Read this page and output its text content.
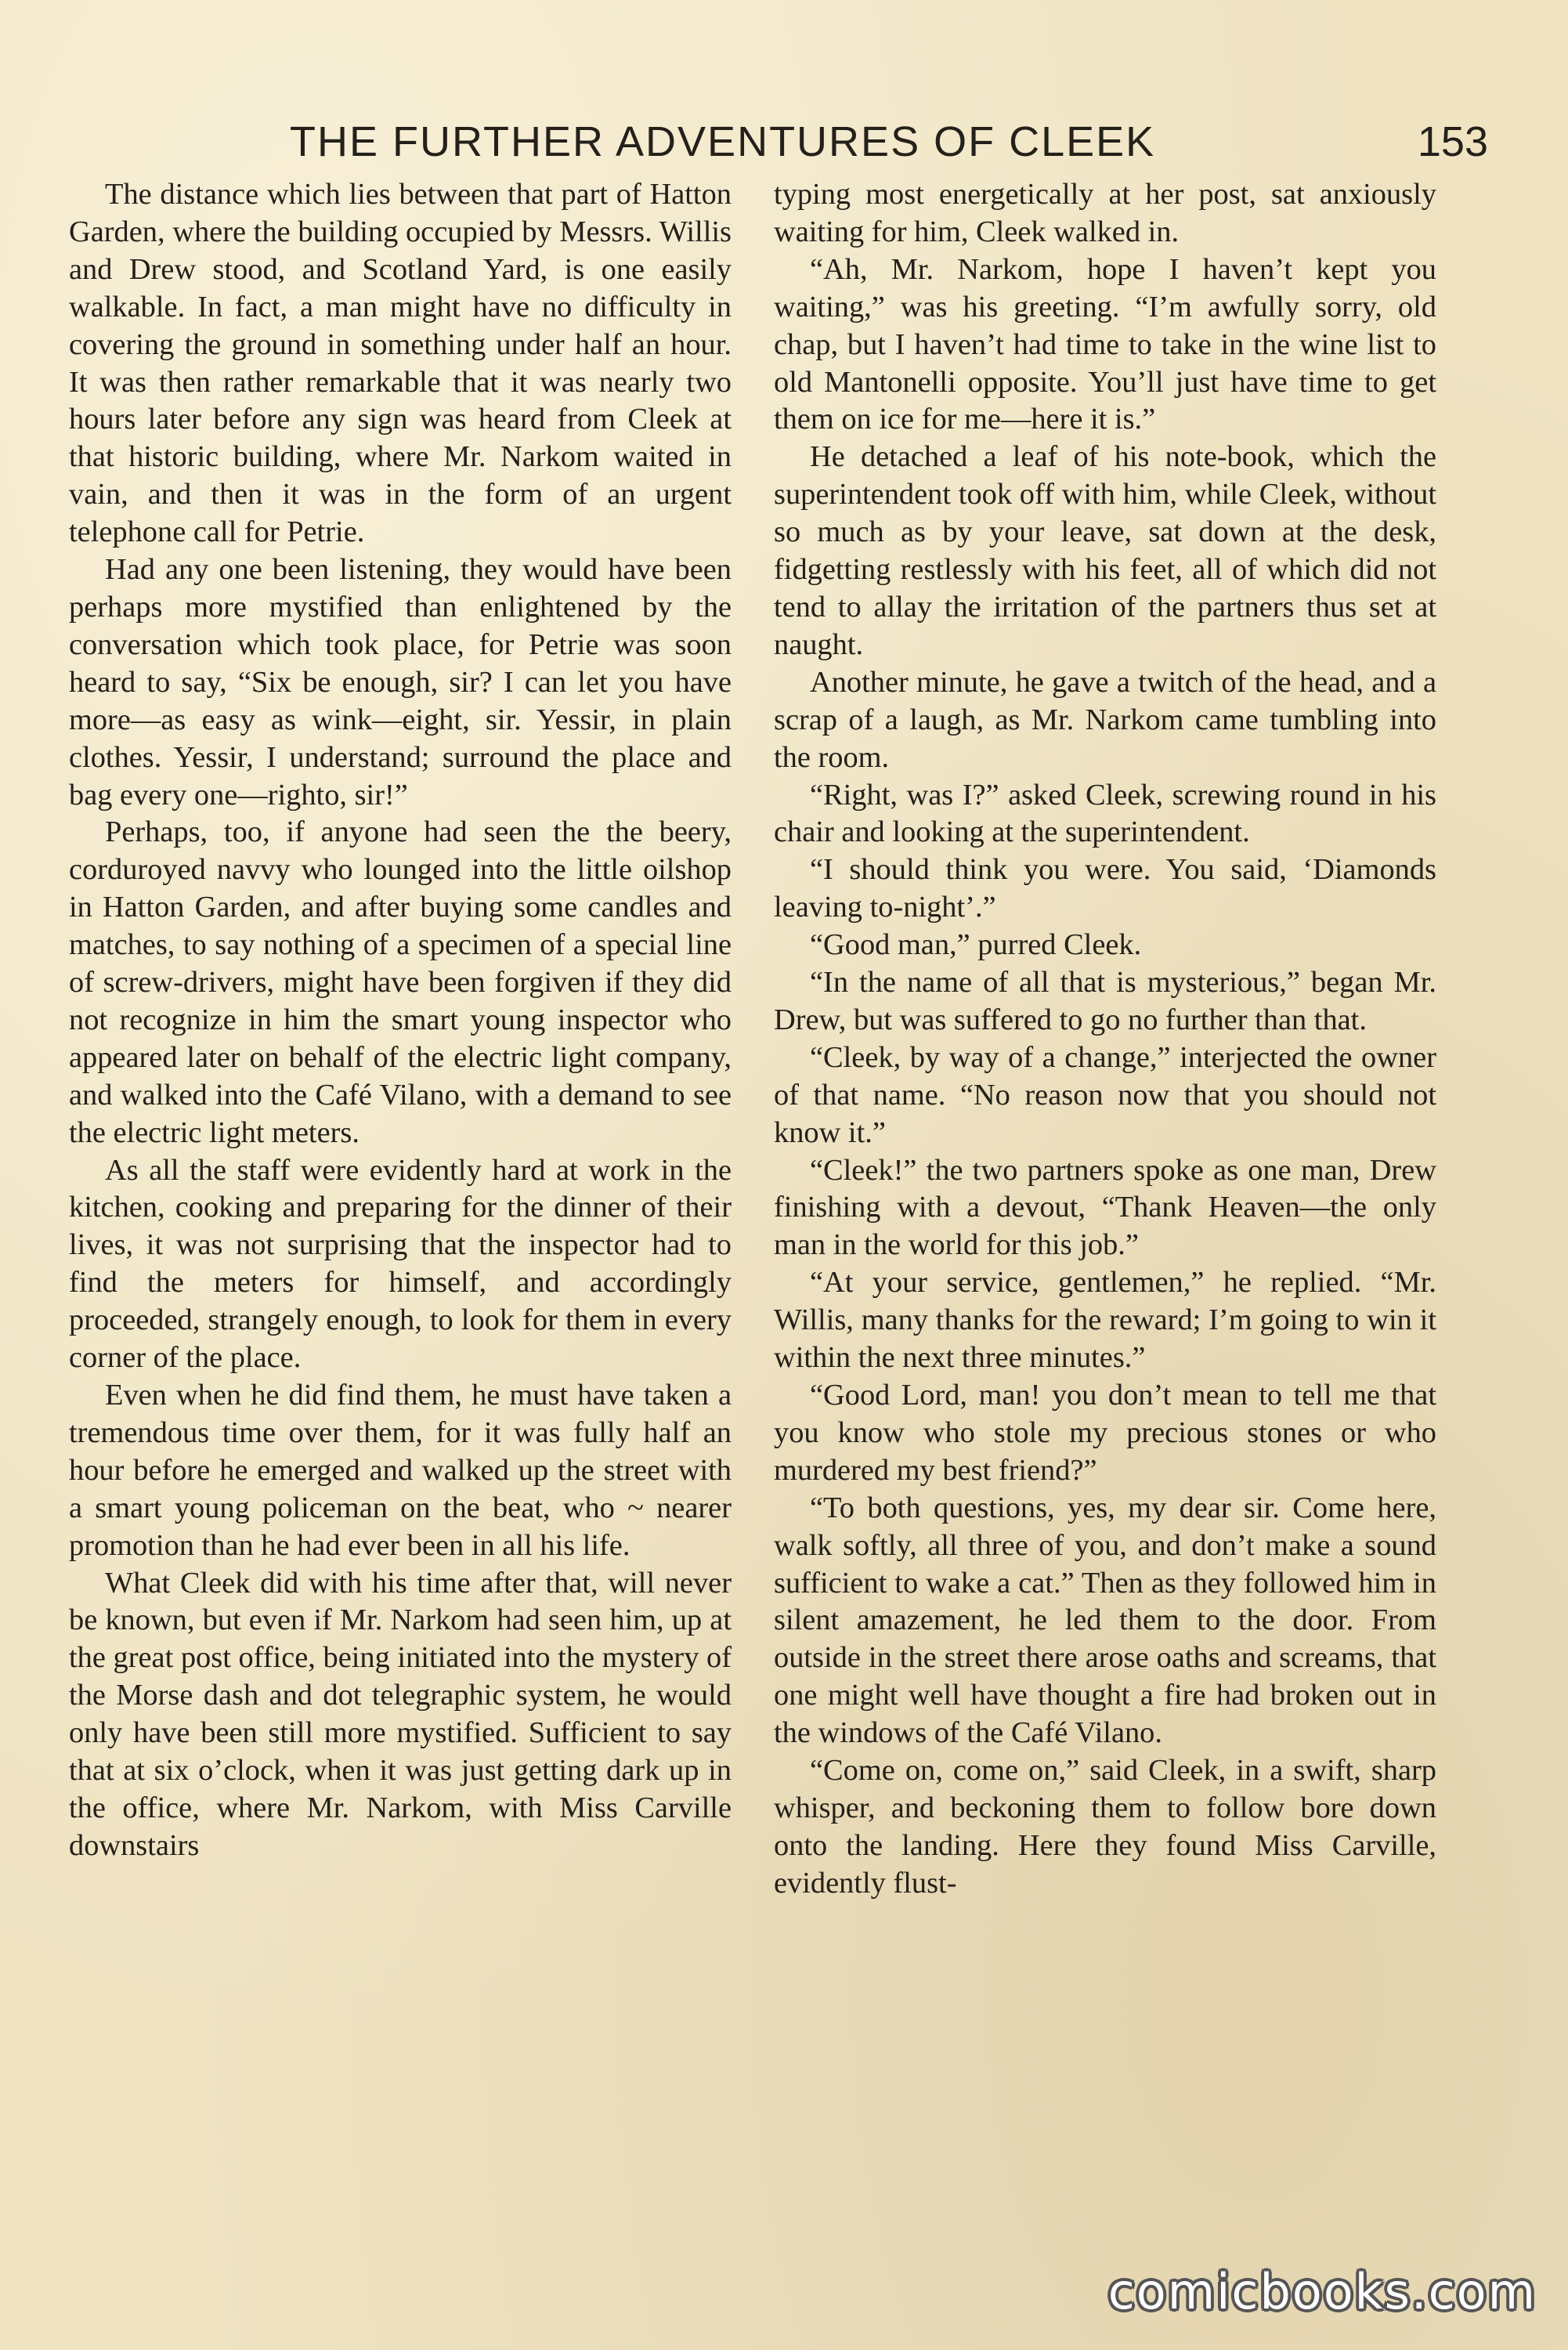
THE FURTHER ADVENTURES OF CLEEK	153

The distance which lies between that part of Hatton Garden, where the building occupied by Messrs. Willis and Drew stood, and Scotland Yard, is one easily walkable. In fact, a man might have no difficulty in covering the ground in something under half an hour. It was then rather remarkable that it was nearly two hours later before any sign was heard from Cleek at that historic building, where Mr. Narkom waited in vain, and then it was in the form of an urgent telephone call for Petrie.

Had any one been listening, they would have been perhaps more mystified than enlightened by the conversation which took place, for Petrie was soon heard to say, “Six be enough, sir? I can let you have more—as easy as wink—eight, sir. Yessir, in plain clothes. Yessir, I understand; surround the place and bag every one—righto, sir!”

Perhaps, too, if anyone had seen the the beery, corduroyed navvy who lounged into the little oilshop in Hatton Garden, and after buying some candles and matches, to say nothing of a specimen of a special line of screw-drivers, might have been forgiven if they did not recognize in him the smart young inspector who appeared later on behalf of the electric light company, and walked into the Café Vilano, with a demand to see the electric light meters.

As all the staff were evidently hard at work in the kitchen, cooking and preparing for the dinner of their lives, it was not surprising that the inspector had to find the meters for himself, and accordingly proceeded, strangely enough, to look for them in every corner of the place.

Even when he did find them, he must have taken a tremendous time over them, for it was fully half an hour before he emerged and walked up the street with a smart young policeman on the beat, who ~ nearer promotion than he had ever been in all his life.

What Cleek did with his time after that, will never be known, but even if Mr. Narkom had seen him, up at the great post office, being initiated into the mystery of the Morse dash and dot telegraphic system, he would only have been still more mystified. Sufficient to say that at six o’clock, when it was just getting dark up in the office, where Mr. Narkom, with Miss Carville downstairs

typing most energetically at her post, sat anxiously waiting for him, Cleek walked in.

“Ah, Mr. Narkom, hope I haven’t kept you waiting,” was his greeting. “I’m awfully sorry, old chap, but I haven’t had time to take in the wine list to old Mantonelli opposite. You’ll just have time to get them on ice for me—here it is.”

He detached a leaf of his note-book, which the superintendent took off with him, while Cleek, without so much as by your leave, sat down at the desk, fidgetting restlessly with his feet, all of which did not tend to allay the irritation of the partners thus set at naught.

Another minute, he gave a twitch of the head, and a scrap of a laugh, as Mr. Narkom came tumbling into the room.

“Right, was I?” asked Cleek, screwing round in his chair and looking at the superintendent.

“I should think you were. You said, ‘Diamonds leaving to-night’.”

“Good man,” purred Cleek.

“In the name of all that is mysterious,” began Mr. Drew, but was suffered to go no further than that.

“Cleek, by way of a change,” interjected the owner of that name. “No reason now that you should not know it.”

“Cleek!” the two partners spoke as one man, Drew finishing with a devout, “Thank Heaven—the only man in the world for this job.”

“At your service, gentlemen,” he replied. “Mr. Willis, many thanks for the reward; I’m going to win it within the next three minutes.”

“Good Lord, man! you don’t mean to tell me that you know who stole my precious stones or who murdered my best friend?”

“To both questions, yes, my dear sir. Come here, walk softly, all three of you, and don’t make a sound sufficient to wake a cat.” Then as they followed him in silent amazement, he led them to the door. From outside in the street there arose oaths and screams, that one might well have thought a fire had broken out in the windows of the Café Vilano.

“Come on, come on,” said Cleek, in a swift, sharp whisper, and beckoning them to follow bore down onto the landing. Here they found Miss Carville, evidently flust-

comicbooks.com
